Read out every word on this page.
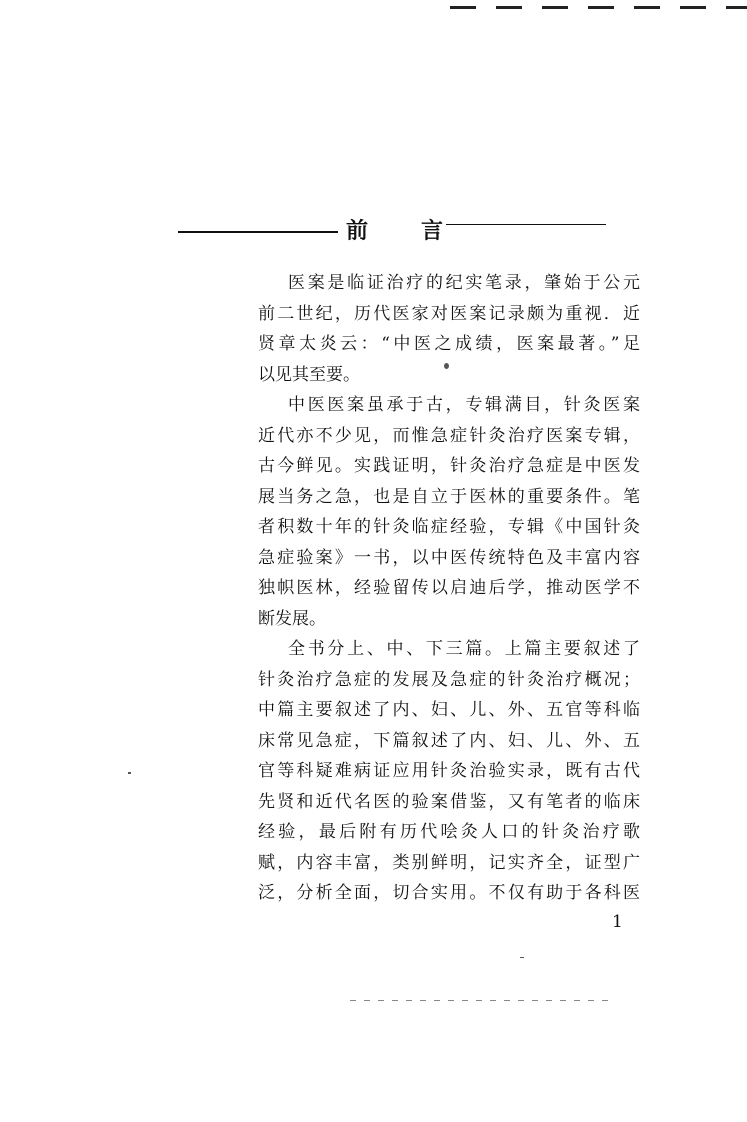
前 言
医案是临证治疗的纪实笔录，肇始于公元
前二世纪，历代医家对医案记录颇为重视．近
贤章太炎云：“中医之成绩，医案最著。”足
以见其至要。
中医医案虽承于古，专辑满目，针灸医案
近代亦不少见，而惟急症针灸治疗医案专辑，
古今鲜见。实践证明，针灸治疗急症是中医发
展当务之急，也是自立于医林的重要条件。笔
者积数十年的针灸临症经验，专辑《中国针灸
急症验案》一书，以中医传统特色及丰富内容
独帜医林，经验留传以启迪后学，推动医学不
断发展。
全书分上、中、下三篇。上篇主要叙述了
针灸治疗急症的发展及急症的针灸治疗概况；
中篇主要叙述了内、妇、儿、外、五官等科临
床常见急症，下篇叙述了内、妇、儿、外、五
官等科疑难病证应用针灸治验实录，既有古代
先贤和近代名医的验案借鉴，又有笔者的临床
经验，最后附有历代哙灸人口的针灸治疗歌
赋，内容丰富，类别鲜明，记实齐全，证型广
泛，分析全面，切合实用。不仅有助于各科医
1
